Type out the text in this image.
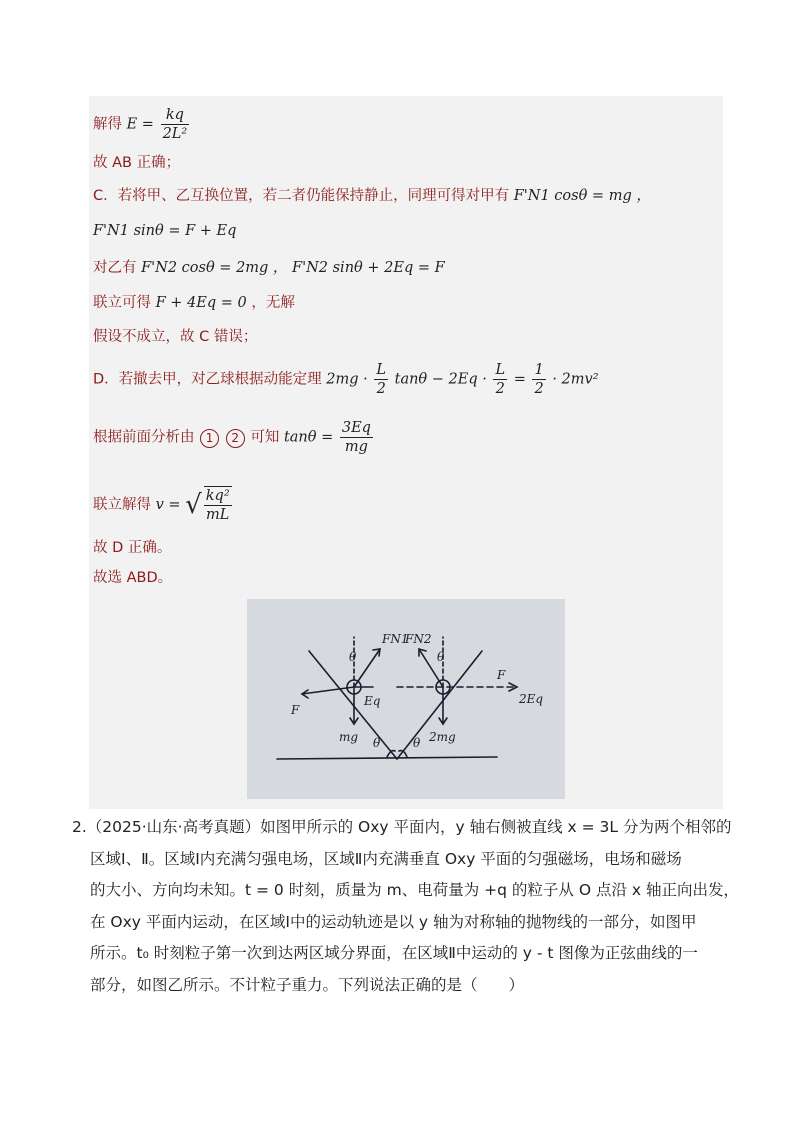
解得 $E = \frac{kq}{\text{2L²}}$
故 AB 正确；
C．若将甲、乙互换位置，若二者仍能保持静止，同理可得对甲有 F'N1 cosθ = mg ，
F'N1 sinθ = F + Eq
对乙有 F'N2 cosθ = 2mg ， F'N2 sinθ + 2Eq = F
联立可得 F + 4Eq = 0 ，无解
假设不成立，故 C 错误；
D．若撤去甲，对乙球根据动能定理 $2mg \cdot \frac{L}{2}$ $\tan\theta - 2Eq \cdot \frac{L}{2} = \frac{1}{2} \cdot 2mv^2$
根据前面分析由 1 2 可知 $\tan\theta = \frac{3Eq}{mg}$
联立解得 v = √ $\frac{\text{kq²}}{mL}$
故 D 正确。
故选 ABD。
FN1
FN2
θ	θ
Eq
F
F
2Eq
mg	2mg
θ	θ
2.（2025·山东·高考真题）如图甲所示的 Oxy 平面内，y 轴右侧被直线 x = 3L 分为两个相邻的
区域Ⅰ、Ⅱ。区域Ⅰ内充满匀强电场，区域Ⅱ内充满垂直 Oxy 平面的匀强磁场，电场和磁场
的大小、方向均未知。t = 0 时刻，质量为 m、电荷量为 +q 的粒子从 O 点沿 x 轴正向出发，
在 Oxy 平面内运动，在区域Ⅰ中的运动轨迹是以 y 轴为对称轴的抛物线的一部分，如图甲
所示。t₀ 时刻粒子第一次到达两区域分界面，在区域Ⅱ中运动的 y - t 图像为正弦曲线的一
部分，如图乙所示。不计粒子重力。下列说法正确的是（　　）
